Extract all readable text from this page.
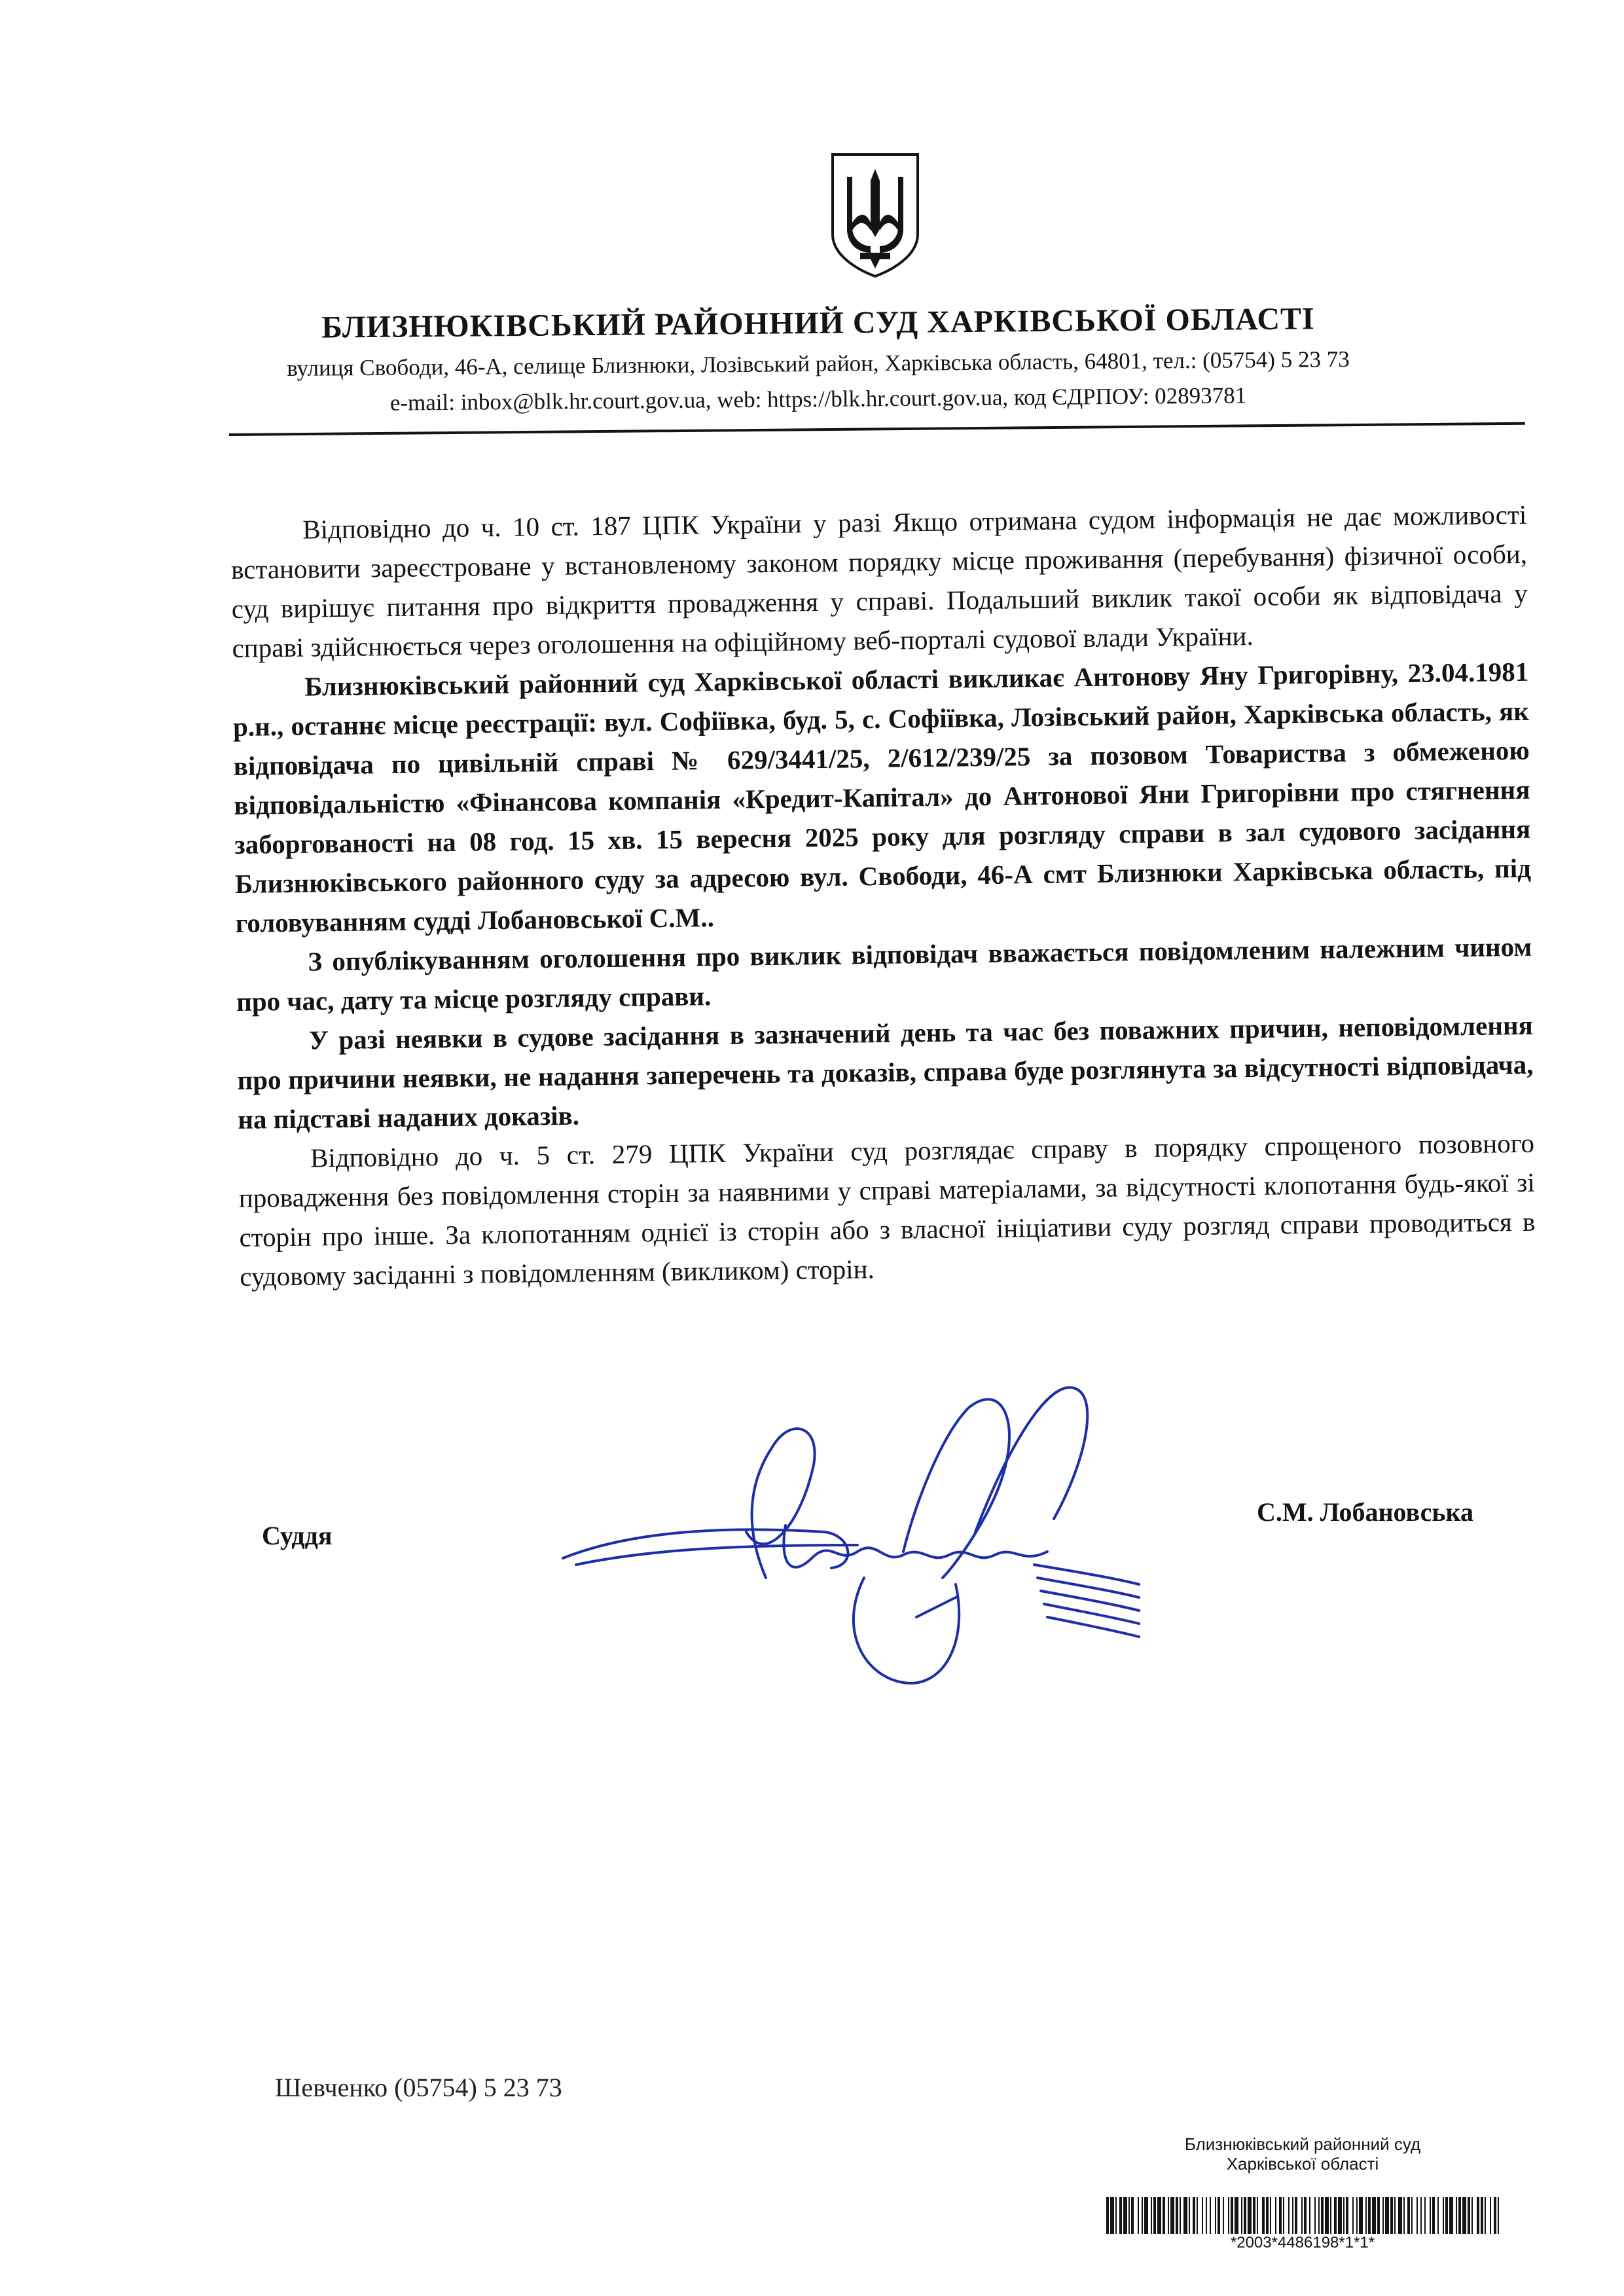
БЛИЗНЮКІВСЬКИЙ РАЙОННИЙ СУД ХАРКІВСЬКОЇ ОБЛАСТІ
вулиця Свободи, 46-А, селище Близнюки, Лозівський район, Харківська область, 64801, тел.: (05754) 5 23 73
e-mail: inbox@blk.hr.court.gov.ua, web: https://blk.hr.court.gov.ua, код ЄДРПОУ: 02893781

Відповідно до ч. 10 ст. 187 ЦПК України у разі Якщо отримана судом інформація не дає можливості встановити зареєстроване у встановленому законом порядку місце проживання (перебування) фізичної особи, суд вирішує питання про відкриття провадження у справі. Подальший виклик такої особи як відповідача у справі здійснюється через оголошення на офіційному веб-порталі судової влади України.

Близнюківський районний суд Харківської області викликає Антонову Яну Григорівну, 23.04.1981 р.н., останнє місце реєстрації: вул. Софіївка, буд. 5, с. Софіївка, Лозівський район, Харківська область, як відповідача по цивільній справі № 629/3441/25, 2/612/239/25 за позовом Товариства з обмеженою відповідальністю «Фінансова компанія «Кредит-Капітал» до Антонової Яни Григорівни про стягнення заборгованості на 08 год. 15 хв. 15 вересня 2025 року для розгляду справи в зал судового засідання Близнюківського районного суду за адресою вул. Свободи, 46-А смт Близнюки Харківська область, під головуванням судді Лобановської С.М..

З опублікуванням оголошення про виклик відповідач вважається повідомленим належним чином про час, дату та місце розгляду справи.

У разі неявки в судове засідання в зазначений день та час без поважних причин, неповідомлення про причини неявки, не надання заперечень та доказів, справа буде розглянута за відсутності відповідача, на підставі наданих доказів.

Відповідно до ч. 5 ст. 279 ЦПК України суд розглядає справу в порядку спрощеного позовного провадження без повідомлення сторін за наявними у справі матеріалами, за відсутності клопотання будь-якої зі сторін про інше. За клопотанням однієї із сторін або з власної ініціативи суду розгляд справи проводиться в судовому засіданні з повідомленням (викликом) сторін.

Суддя
С.М. Лобановська
Шевченко (05754) 5 23 73
Близнюківський районний суд
Харківської області
*2003*4486198*1*1*
